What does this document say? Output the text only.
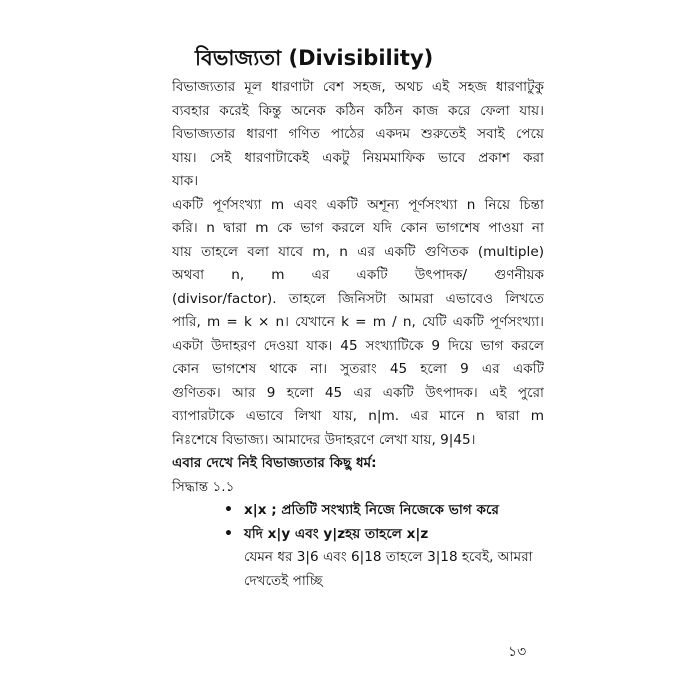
বিভাজ্যতা (Divisibility)
বিভাজ্যতার মূল ধারণাটা বেশ সহজ, অথচ এই সহজ ধারণাটুকু
ব্যবহার করেই কিন্তু অনেক কঠিন কঠিন কাজ করে ফেলা যায়।
বিভাজ্যতার ধারণা গণিত পাঠের একদম শুরুতেই সবাই পেয়ে
যায়। সেই ধারণাটাকেই একটু নিয়মমাফিক ভাবে প্রকাশ করা
যাক।
একটি পূর্ণসংখ্যা m এবং একটি অশূন্য পূর্ণসংখ্যা n নিয়ে চিন্তা
করি। n দ্বারা m কে ভাগ করলে যদি কোন ভাগশেষ পাওয়া না
যায় তাহলে বলা যাবে m, n এর একটি গুণিতক (multiple)
অথবা n, m এর একটি উৎপাদক/ গুণনীয়ক
(divisor/factor). তাহলে জিনিসটা আমরা এভাবেও লিখতে
পারি, m = k × n। যেখানে k = m / n, যেটি একটি পূর্ণসংখ্যা।
একটা উদাহরণ দেওয়া যাক। 45 সংখ্যাটিকে 9 দিয়ে ভাগ করলে
কোন ভাগশেষ থাকে না। সুতরাং 45 হলো 9 এর একটি
গুণিতক। আর 9 হলো 45 এর একটি উৎপাদক। এই পুরো
ব্যাপারটাকে এভাবে লিখা যায়, n|m. এর মানে n দ্বারা m
নিঃশেষে বিভাজ্য। আমাদের উদাহরণে লেখা যায়, 9|45।
এবার দেখে নিই বিভাজ্যতার কিছু ধর্ম:
সিদ্ধান্ত ১.১
• x|x ; প্রতিটি সংখ্যাই নিজে নিজেকে ভাগ করে
• যদি x|y এবং y|zহয় তাহলে x|z
যেমন ধর 3|6 এবং 6|18 তাহলে 3|18 হবেই, আমরা
দেখতেই পাচ্ছি
১৩
